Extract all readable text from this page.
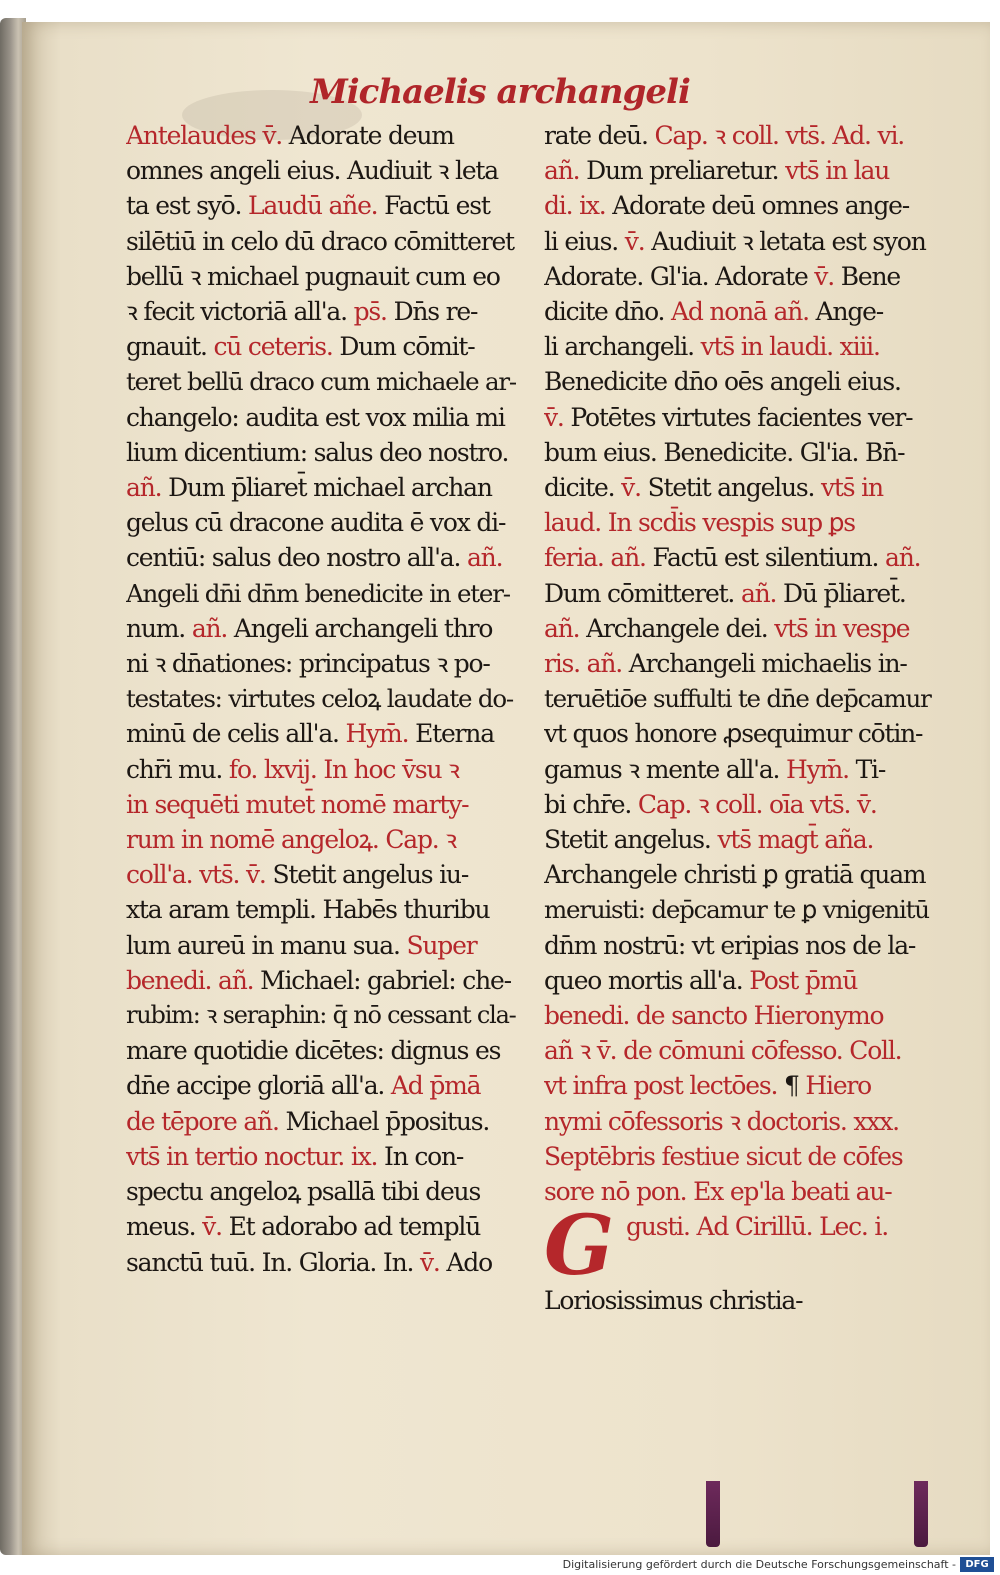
Michaelis archangeli
Antelaudes v̄. Adorate deum
omnes angeli eius. Audiuit ꝛ leta
ta est syō. Laudū añe. Factū est
silētiū in celo dū draco cōmitteret
bellū ꝛ michael pugnauit cum eo
ꝛ fecit victoriā all'a. ps̄. Dn̄s re-
gnauit. cū ceteris. Dum cōmit-
teret bellū draco cum michaele ar-
changelo: audita est vox milia mi
lium dicentium: salus deo nostro.
añ. Dum p̄liaret̄ michael archan
gelus cū dracone audita ē vox di-
centiū: salus deo nostro all'a. añ.
Angeli dn̄i dn̄m benedicite in eter-
num. añ. Angeli archangeli thro
ni ꝛ dn̄ationes: principatus ꝛ po-
testates: virtutes celoꝝ laudate do-
minū de celis all'a. Hym̄. Eterna
chr̄i mu. fo. lxvij. In hoc v̄su ꝛ
in sequēti mutet̄ nomē marty-
rum in nomē angeloꝝ. Cap. ꝛ
coll'a. vts̄. v̄. Stetit angelus iu-
xta aram templi. Habēs thuribu
lum aureū in manu sua. Super
benedi. añ. Michael: gabriel: che-
rubim: ꝛ seraphin: q̄ nō cessant cla-
mare quotidie dicētes: dignus es
dn̄e accipe gloriā all'a. Ad p̄mā
de tēpore añ. Michael p̄positus.
vts̄ in tertio noctur. ix. In con-
spectu angeloꝝ psallā tibi deus
meus. v̄. Et adorabo ad templū
sanctū tuū. In. Gloria. In. v̄. Ado
rate deū. Cap. ꝛ coll. vts̄. Ad. vi.
añ. Dum preliaretur. vts̄ in lau
di. ix. Adorate deū omnes ange-
li eius. v̄. Audiuit ꝛ letata est syon
Adorate. Gl'ia. Adorate v̄. Bene
dicite dn̄o. Ad nonā añ. Ange-
li archangeli. vts̄ in laudi. xiii.
Benedicite dn̄o oēs angeli eius.
v̄. Potētes virtutes facientes ver-
bum eius. Benedicite. Gl'ia. Bn̄-
dicite. v̄. Stetit angelus. vts̄ in
laud. In scd̄is vespis sup ꝑs
feria. añ. Factū est silentium. añ.
Dum cōmitteret. añ. Dū p̄liaret̄.
añ. Archangele dei. vts̄ in vespe
ris. añ. Archangeli michaelis in-
teruētiōe suffulti te dn̄e dep̄camur
vt quos honore ꝓsequimur cōtin-
gamus ꝛ mente all'a. Hym̄. Ti-
bi chr̄e. Cap. ꝛ coll. oīa vts̄. v̄.
Stetit angelus. vts̄ magt̄ aña.
Archangele christi ꝑ gratiā quam
meruisti: dep̄camur te ꝑ vnigenitū
dn̄m nostrū: vt eripias nos de la-
queo mortis all'a. Post p̄mū
benedi. de sancto Hieronymo
añ ꝛ v̄. de cōmuni cōfesso. Coll.
vt infra post lectōes. ¶ Hiero
nymi cōfessoris ꝛ doctoris. xxx.
Septēbris festiue sicut de cōfes
sore nō pon. Ex ep'la beati au-
Ggusti. Ad Cirillū. Lec. i.
Loriosissimus christia-
Digitalisierung gefördert durch die Deutsche Forschungsgemeinschaft - DFG
